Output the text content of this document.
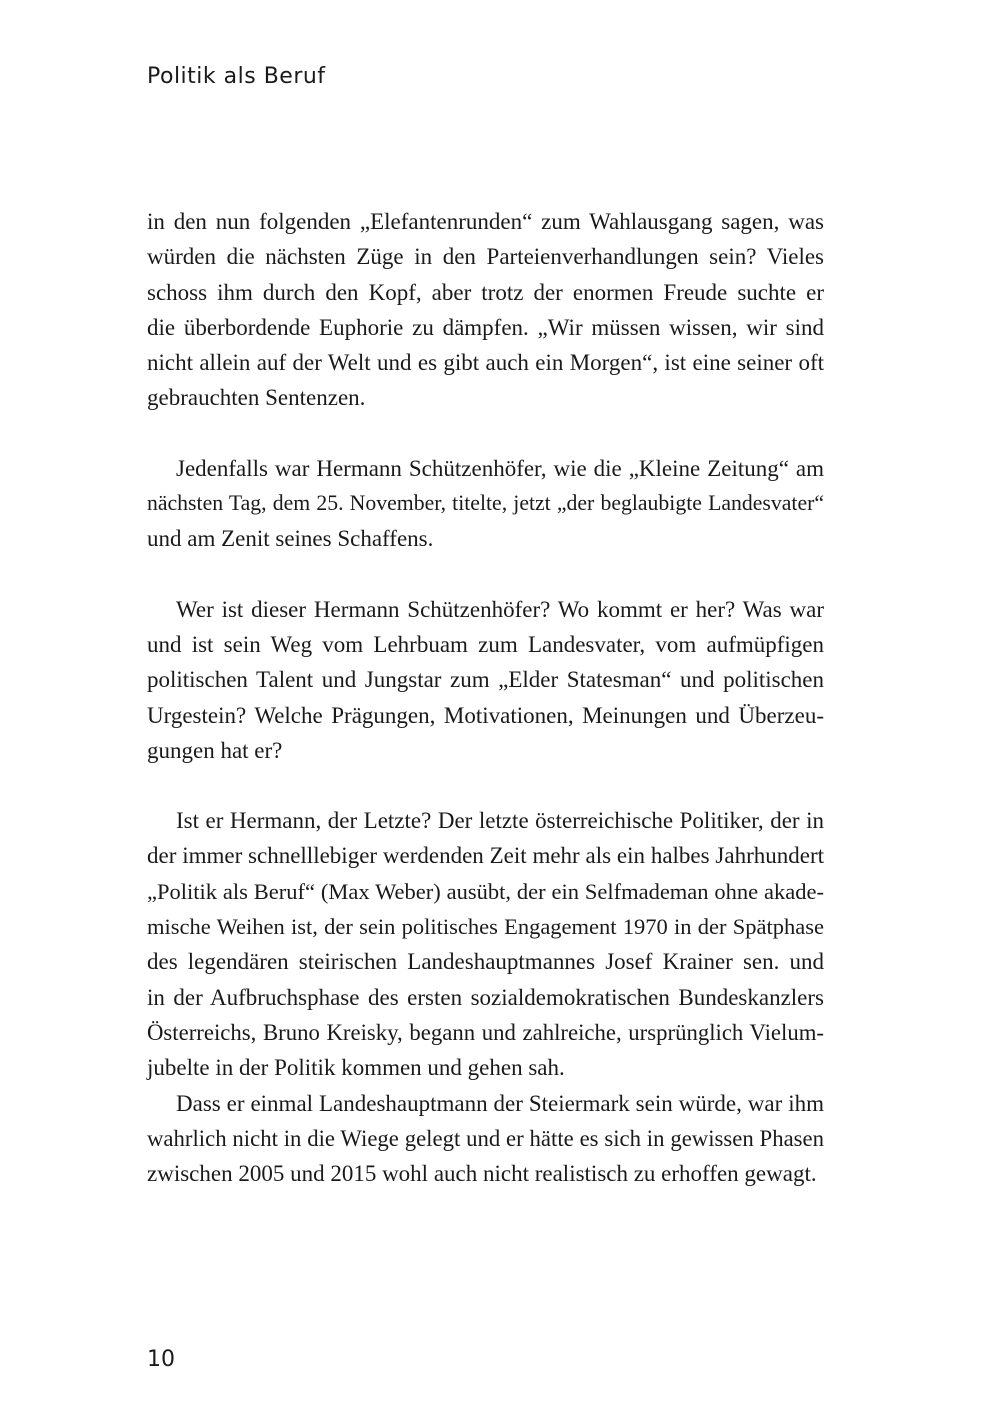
Politik als Beruf

in den nun folgenden „Elefantenrunden“ zum Wahlausgang sagen, was
würden die nächsten Züge in den Parteienverhandlungen sein? Vieles
schoss ihm durch den Kopf, aber trotz der enormen Freude suchte er
die überbordende Euphorie zu dämpfen. „Wir müssen wissen, wir sind
nicht allein auf der Welt und es gibt auch ein Morgen“, ist eine seiner oft
gebrauchten Sentenzen.

Jedenfalls war Hermann Schützenhöfer, wie die „Kleine Zeitung“ am
nächsten Tag, dem 25. November, titelte, jetzt „der beglaubigte Landesvater“
und am Zenit seines Schaffens.

Wer ist dieser Hermann Schützenhöfer? Wo kommt er her? Was war
und ist sein Weg vom Lehrbuam zum Landesvater, vom aufmüpfigen
politischen Talent und Jungstar zum „Elder Statesman“ und politischen
Urgestein? Welche Prägungen, Motivationen, Meinungen und Überzeu-
gungen hat er?

Ist er Hermann, der Letzte? Der letzte österreichische Politiker, der in
der immer schnelllebiger werdenden Zeit mehr als ein halbes Jahrhundert
„Politik als Beruf“ (Max Weber) ausübt, der ein Selfmademan ohne akade-
mische Weihen ist, der sein politisches Engagement 1970 in der Spätphase
des legendären steirischen Landeshauptmannes Josef Krainer sen. und
in der Aufbruchsphase des ersten sozialdemokratischen Bundeskanzlers
Österreichs, Bruno Kreisky, begann und zahlreiche, ursprünglich Vielum-
jubelte in der Politik kommen und gehen sah.

Dass er einmal Landeshauptmann der Steiermark sein würde, war ihm
wahrlich nicht in die Wiege gelegt und er hätte es sich in gewissen Phasen
zwischen 2005 und 2015 wohl auch nicht realistisch zu erhoffen gewagt.

10
